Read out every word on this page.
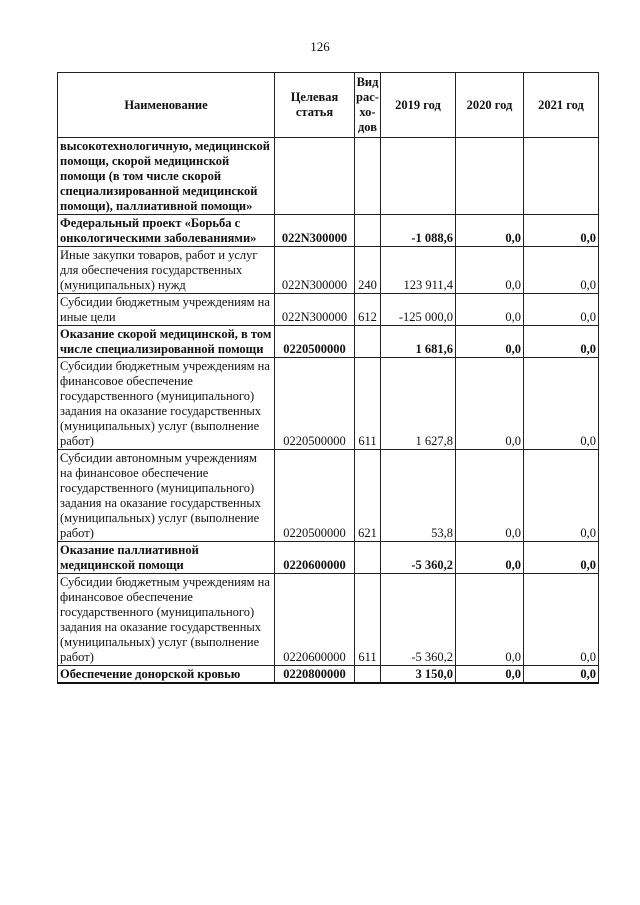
126
Наименование	Целевая статья	Вид рас-хо-дов	2019 год	2020 год	2021 год
высокотехнологичную, медицинской помощи, скорой медицинской помощи (в том числе скорой специализированной медицинской помощи), паллиативной помощи»					
Федеральный проект «Борьба с онкологическими заболеваниями»	022N300000		-1 088,6	0,0	0,0
Иные закупки товаров, работ и услуг для обеспечения государственных (муниципальных) нужд	022N300000	240	123 911,4	0,0	0,0
Субсидии бюджетным учреждениям на иные цели	022N300000	612	-125 000,0	0,0	0,0
Оказание скорой медицинской, в том числе специализированной помощи	0220500000		1 681,6	0,0	0,0
Субсидии бюджетным учреждениям на финансовое обеспечение государственного (муниципального) задания на оказание государственных (муниципальных) услуг (выполнение работ)	0220500000	611	1 627,8	0,0	0,0
Субсидии автономным учреждениям на финансовое обеспечение государственного (муниципального) задания на оказание государственных (муниципальных) услуг (выполнение работ)	0220500000	621	53,8	0,0	0,0
Оказание паллиативной медицинской помощи	0220600000		-5 360,2	0,0	0,0
Субсидии бюджетным учреждениям на финансовое обеспечение государственного (муниципального) задания на оказание государственных (муниципальных) услуг (выполнение работ)	0220600000	611	-5 360,2	0,0	0,0
Обеспечение донорской кровью	0220800000		3 150,0	0,0	0,0
